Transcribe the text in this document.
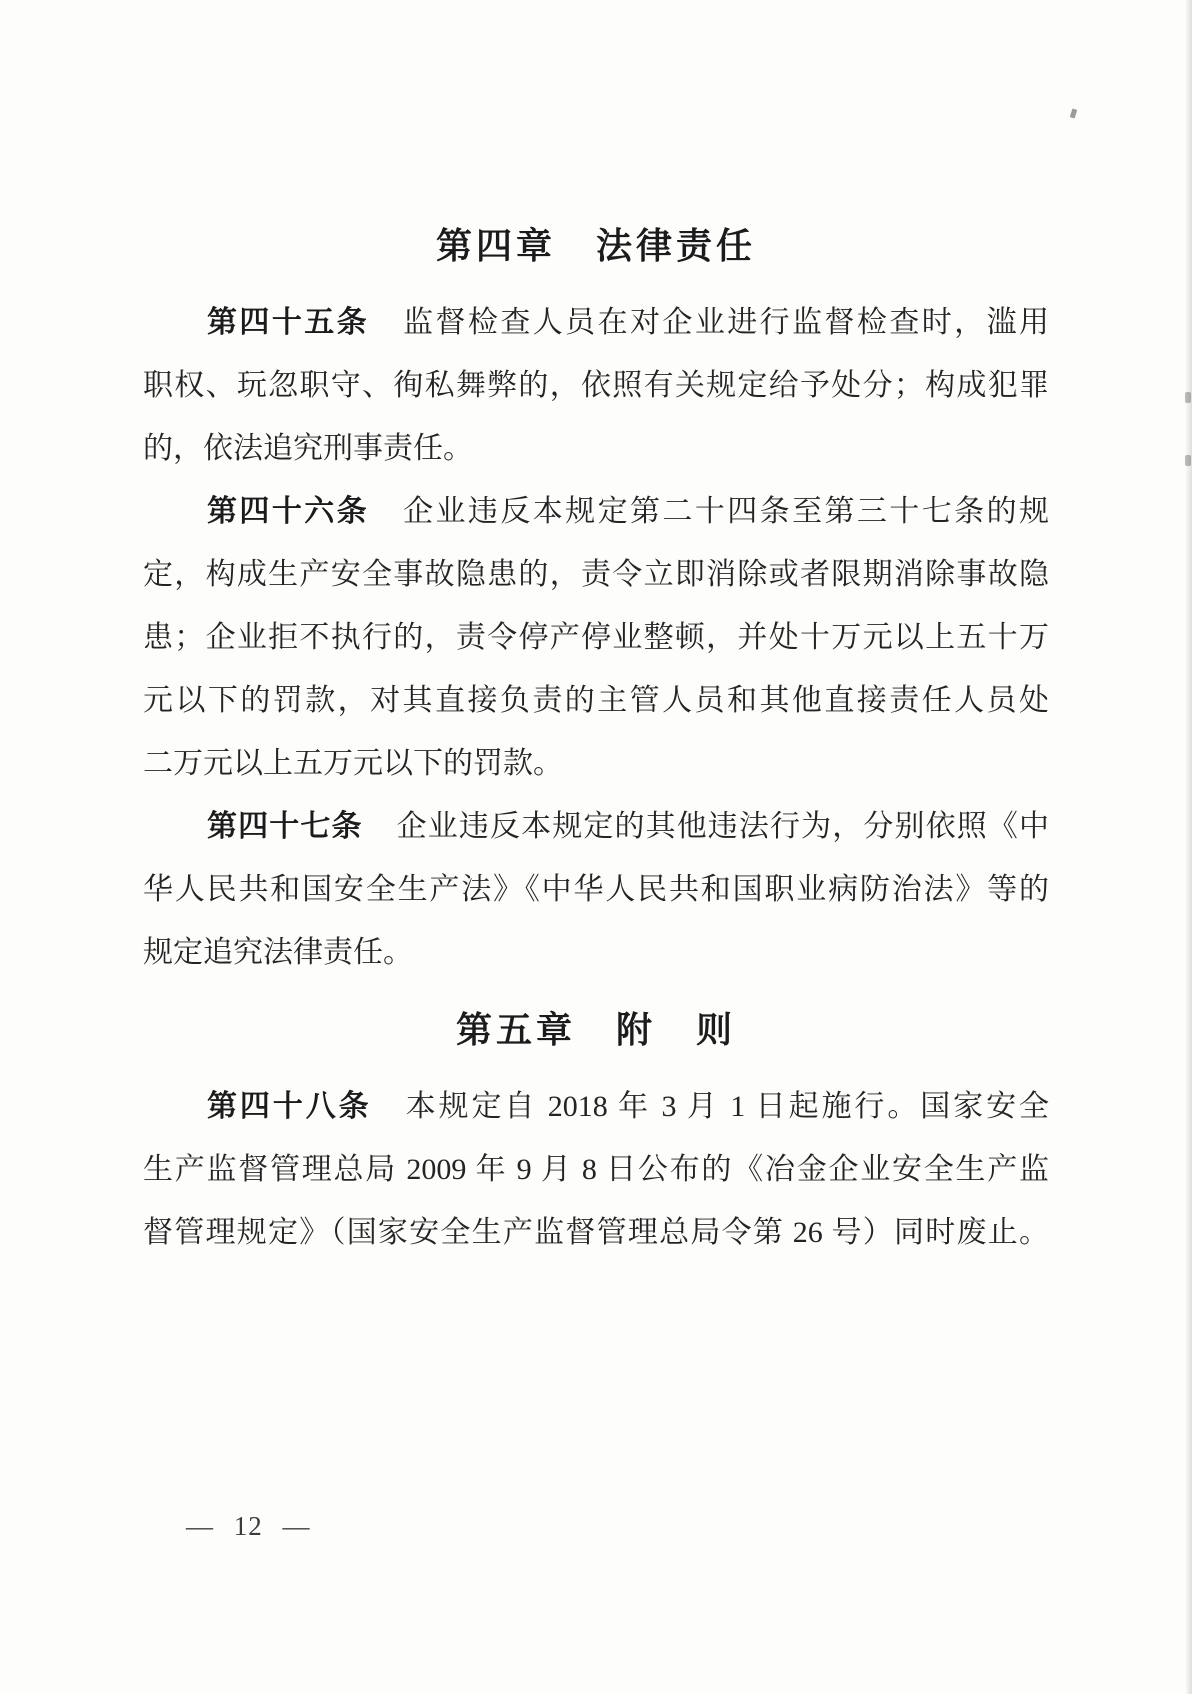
第四章　法律责任

第四十五条 监督检查人员在对企业进行监督检查时，滥用
职权、玩忽职守、徇私舞弊的，依照有关规定给予处分；构成犯罪
的，依法追究刑事责任。

第四十六条 企业违反本规定第二十四条至第三十七条的规
定，构成生产安全事故隐患的，责令立即消除或者限期消除事故隐
患；企业拒不执行的，责令停产停业整顿，并处十万元以上五十万
元以下的罚款，对其直接负责的主管人员和其他直接责任人员处
二万元以上五万元以下的罚款。

第四十七条 企业违反本规定的其他违法行为，分别依照《中
华人民共和国安全生产法》《中华人民共和国职业病防治法》等的
规定追究法律责任。

第五章　附　则

第四十八条 本规定自 2018 年 3 月 1 日起施行。国家安全
生产监督管理总局 2009 年 9 月 8 日公布的《冶金企业安全生产监
督管理规定》（国家安全生产监督管理总局令第 26 号）同时废止。

— 12 —
